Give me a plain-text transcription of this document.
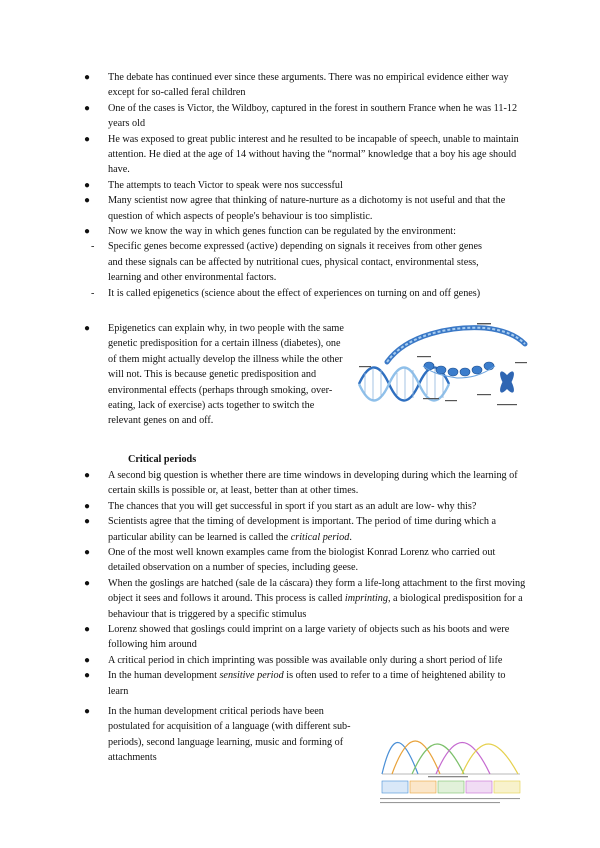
● The debate has continued ever since these arguments. There was no empirical evidence either way except for so-called feral children
● One of the cases is Victor, the Wildboy, captured in the forest in southern France when he was 11-12 years old
● He was exposed to great public interest and he resulted to be incapable of speech, unable to maintain attention. He died at the age of 14 without having the “normal” knowledge that a boy his age should have.
● The attempts to teach Victor to speak were nos successful
● Many scientist now agree that thinking of nature-nurture as a dichotomy is not useful and that the question of which aspects of people's behaviour is too simplistic.
● Now we know the way in which genes function can be regulated by the environment:
- Specific genes become expressed (active) depending on signals it receives from other genes and these signals can be affected by nutritional cues, physical contact, environmental stess, learning and other environmental factors.
- It is called epigenetics (science about the effect of experiences on turning on and off genes)
● Epigenetics can explain why, in two people with the same genetic predisposition for a certain illness (diabetes), one of them might actually develop the illness while the other will not. This is because genetic predisposition and environmental effects (perhaps through smoking, over-eating, lack of exercise) acts together to switch the relevant genes on and off.
Critical periods
● A second big question is whether there are time windows in developing during which the learning of certain skills is possible or, at least, better than at other times.
● The chances that you will get successful in sport if you start as an adult are low- why this?
● Scientists agree that the timing of development is important. The period of time during which a particular ability can be learned is called the critical period.
● One of the most well known examples came from the biologist Konrad Lorenz who carried out detailed observation on a number of species, including geese.
● When the goslings are hatched (sale de la cáscara) they form a life-long attachment to the first moving object it sees and follows it around. This process is called imprinting, a biological predisposition for a behaviour that is triggered by a specific stimulus
● Lorenz showed that goslings could imprint on a large variety of objects such as his boots and were following him around
● A critical period in chich imprinting was possible was available only during a short period of life
● In the human development sensitive period is often used to refer to a time of heightened ability to learn
● In the human development critical periods have been postulated for acquisition of a language (with different sub-periods), second language learning, music and forming of attachments
